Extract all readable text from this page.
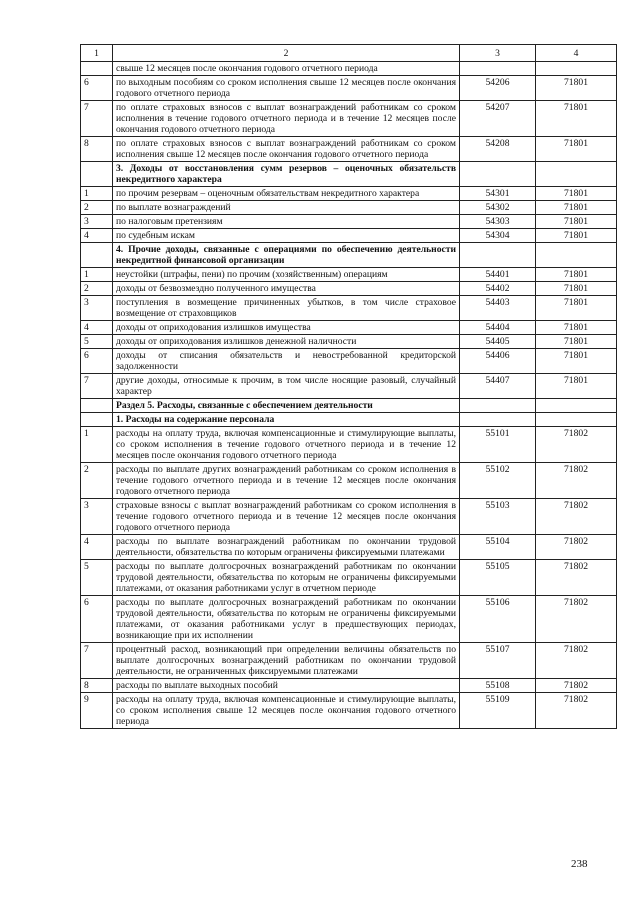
1	2	3	4
	свыше 12 месяцев после окончания годового отчетного периода		
6	по выходным пособиям со сроком исполнения свыше 12 месяцев после окончания годового отчетного периода	54206	71801
7	по оплате страховых взносов с выплат вознаграждений работникам со сроком исполнения в течение годового отчетного периода и в течение 12 месяцев после окончания годового отчетного периода	54207	71801
8	по оплате страховых взносов с выплат вознаграждений работникам со сроком исполнения свыше 12 месяцев после окончания годового отчетного периода	54208	71801
	3. Доходы от восстановления сумм резервов – оценочных обязательств некредитного характера		
1	по прочим резервам – оценочным обязательствам некредитного характера	54301	71801
2	по выплате вознаграждений	54302	71801
3	по налоговым претензиям	54303	71801
4	по судебным искам	54304	71801
	4. Прочие доходы, связанные с операциями по обеспечению деятельности некредитной финансовой организации		
1	неустойки (штрафы, пени) по прочим (хозяйственным) операциям	54401	71801
2	доходы от безвозмездно полученного имущества	54402	71801
3	поступления в возмещение причиненных убытков, в том числе страховое возмещение от страховщиков	54403	71801
4	доходы от оприходования излишков имущества	54404	71801
5	доходы от оприходования излишков денежной наличности	54405	71801
6	доходы от списания обязательств и невостребованной кредиторской задолженности	54406	71801
7	другие доходы, относимые к прочим, в том числе носящие разовый, случайный характер	54407	71801
	Раздел 5. Расходы, связанные с обеспечением деятельности		
	1. Расходы на содержание персонала		
1	расходы на оплату труда, включая компенсационные и стимулирующие выплаты, со сроком исполнения в течение годового отчетного периода и в течение 12 месяцев после окончания годового отчетного периода	55101	71802
2	расходы по выплате других вознаграждений работникам со сроком исполнения в течение годового отчетного периода и в течение 12 месяцев после окончания годового отчетного периода	55102	71802
3	страховые взносы с выплат вознаграждений работникам со сроком исполнения в течение годового отчетного периода и в течение 12 месяцев после окончания годового отчетного периода	55103	71802
4	расходы по выплате вознаграждений работникам по окончании трудовой деятельности, обязательства по которым ограничены фиксируемыми платежами	55104	71802
5	расходы по выплате долгосрочных вознаграждений работникам по окончании трудовой деятельности, обязательства по которым не ограничены фиксируемыми платежами, от оказания работниками услуг в отчетном периоде	55105	71802
6	расходы по выплате долгосрочных вознаграждений работникам по окончании трудовой деятельности, обязательства по которым не ограничены фиксируемыми платежами, от оказания работниками услуг в предшествующих периодах, возникающие при их исполнении	55106	71802
7	процентный расход, возникающий при определении величины обязательств по выплате долгосрочных вознаграждений работникам по окончании трудовой деятельности, не ограниченных фиксируемыми платежами	55107	71802
8	расходы по выплате выходных пособий	55108	71802
9	расходы на оплату труда, включая компенсационные и стимулирующие выплаты, со сроком исполнения свыше 12 месяцев после окончания годового отчетного периода	55109	71802
238
